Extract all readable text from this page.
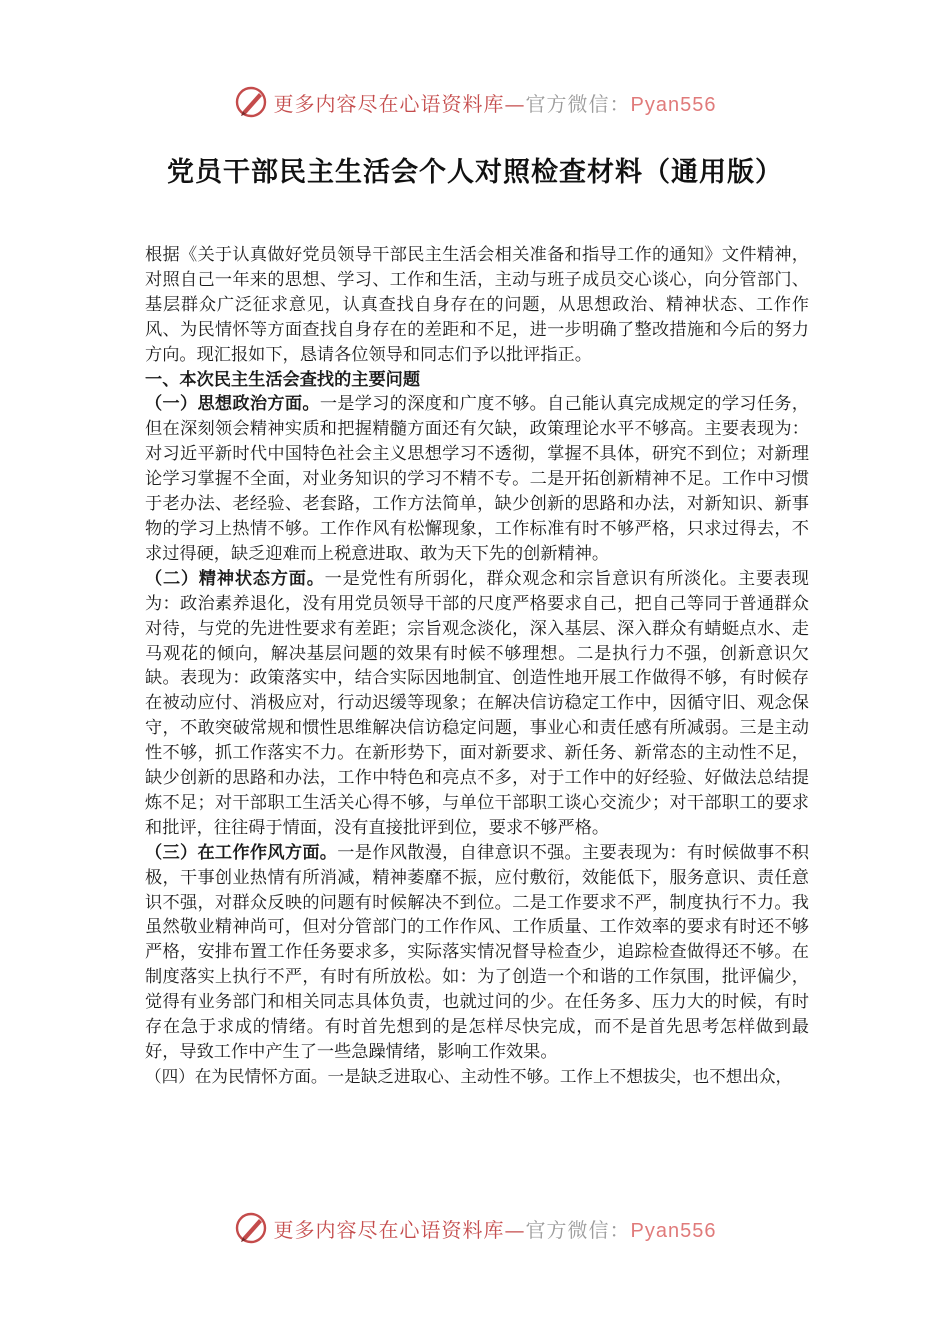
更多内容尽在心语资料库—官方微信：Pyan556
党员干部民主生活会个人对照检查材料（通用版）

根据《关于认真做好党员领导干部民主生活会相关准备和指导工作的通知》文件精神，对照自己一年来的思想、学习、工作和生活，主动与班子成员交心谈心，向分管部门、基层群众广泛征求意见，认真查找自身存在的问题，从思想政治、精神状态、工作作风、为民情怀等方面查找自身存在的差距和不足，进一步明确了整改措施和今后的努力方向。现汇报如下，恳请各位领导和同志们予以批评指正。

一、本次民主生活会查找的主要问题

（一）思想政治方面。一是学习的深度和广度不够。自己能认真完成规定的学习任务，但在深刻领会精神实质和把握精髓方面还有欠缺，政策理论水平不够高。主要表现为：对习近平新时代中国特色社会主义思想学习不透彻，掌握不具体，研究不到位；对新理论学习掌握不全面，对业务知识的学习不精不专。二是开拓创新精神不足。工作中习惯于老办法、老经验、老套路，工作方法简单，缺少创新的思路和办法，对新知识、新事物的学习上热情不够。工作作风有松懈现象，工作标准有时不够严格，只求过得去，不求过得硬，缺乏迎难而上税意进取、敢为天下先的创新精神。

（二）精神状态方面。一是党性有所弱化，群众观念和宗旨意识有所淡化。主要表现为：政治素养退化，没有用党员领导干部的尺度严格要求自己，把自己等同于普通群众对待，与党的先进性要求有差距；宗旨观念淡化，深入基层、深入群众有蜻蜓点水、走马观花的倾向，解决基层问题的效果有时候不够理想。二是执行力不强，创新意识欠缺。表现为：政策落实中，结合实际因地制宜、创造性地开展工作做得不够，有时候存在被动应付、消极应对，行动迟缓等现象；在解决信访稳定工作中，因循守旧、观念保守，不敢突破常规和惯性思维解决信访稳定问题，事业心和责任感有所减弱。三是主动性不够，抓工作落实不力。在新形势下，面对新要求、新任务、新常态的主动性不足，缺少创新的思路和办法，工作中特色和亮点不多，对于工作中的好经验、好做法总结提炼不足；对干部职工生活关心得不够，与单位干部职工谈心交流少；对干部职工的要求和批评，往往碍于情面，没有直接批评到位，要求不够严格。

（三）在工作作风方面。一是作风散漫，自律意识不强。主要表现为：有时候做事不积极，干事创业热情有所消减，精神萎靡不振，应付敷衍，效能低下，服务意识、责任意识不强，对群众反映的问题有时候解决不到位。二是工作要求不严，制度执行不力。我虽然敬业精神尚可，但对分管部门的工作作风、工作质量、工作效率的要求有时还不够严格，安排布置工作任务要求多，实际落实情况督导检查少，追踪检查做得还不够。在制度落实上执行不严，有时有所放松。如：为了创造一个和谐的工作氛围，批评偏少，觉得有业务部门和相关同志具体负责，也就过问的少。在任务多、压力大的时候，有时存在急于求成的情绪。有时首先想到的是怎样尽快完成，而不是首先思考怎样做到最好，导致工作中产生了一些急躁情绪，影响工作效果。

（四）在为民情怀方面。一是缺乏进取心、主动性不够。工作上不想拔尖，也不想出众，

更多内容尽在心语资料库—官方微信：Pyan556
